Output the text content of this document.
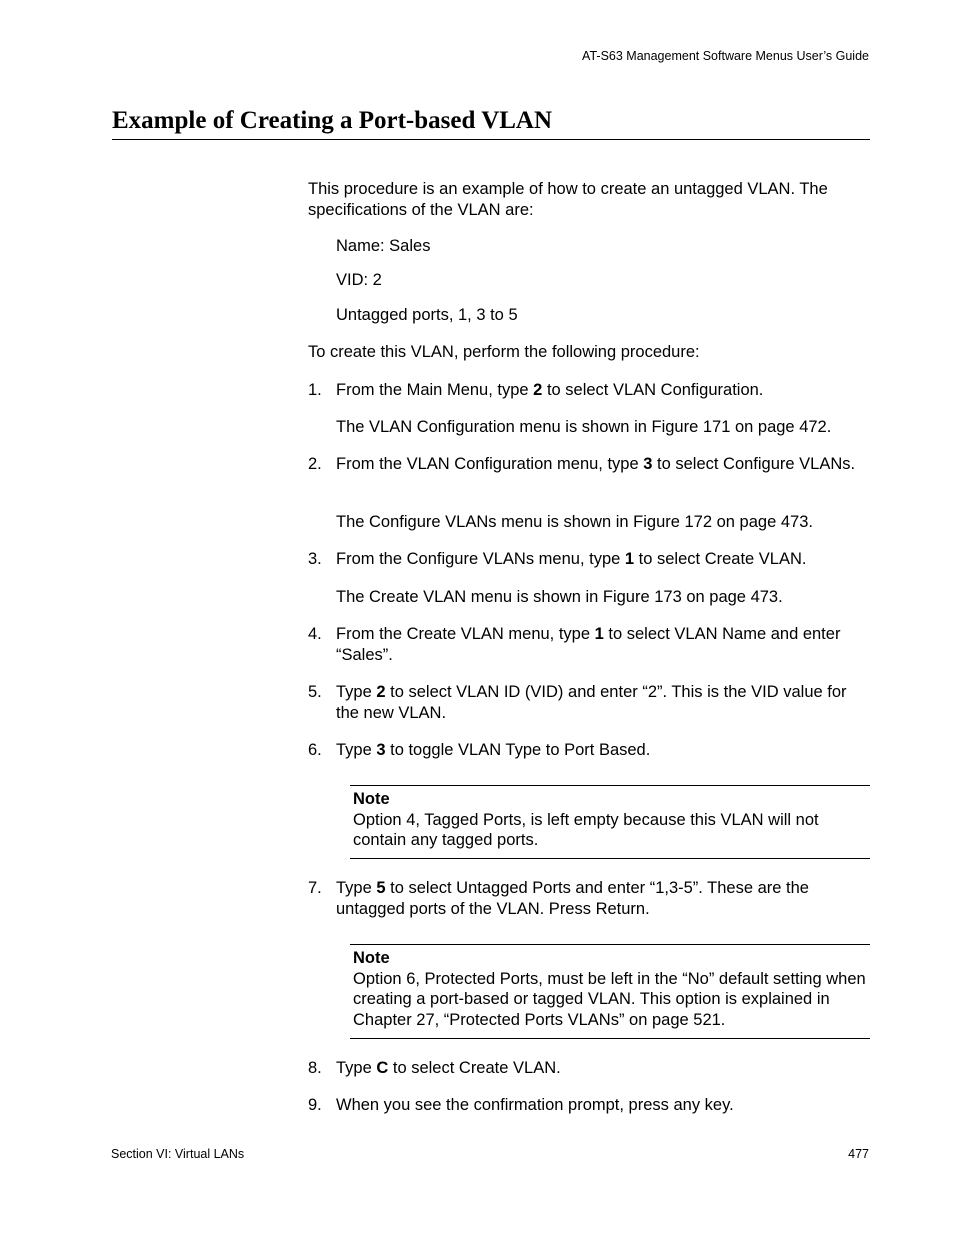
AT-S63 Management Software Menus User’s Guide
Example of Creating a Port-based VLAN
This procedure is an example of how to create an untagged VLAN. The specifications of the VLAN are:
Name: Sales
VID: 2
Untagged ports, 1, 3 to 5
To create this VLAN, perform the following procedure:
1. From the Main Menu, type 2 to select VLAN Configuration.
The VLAN Configuration menu is shown in Figure 171 on page 472.
2. From the VLAN Configuration menu, type 3 to select Configure VLANs.
The Configure VLANs menu is shown in Figure 172 on page 473.
3. From the Configure VLANs menu, type 1 to select Create VLAN.
The Create VLAN menu is shown in Figure 173 on page 473.
4. From the Create VLAN menu, type 1 to select VLAN Name and enter “Sales”.
5. Type 2 to select VLAN ID (VID) and enter “2”. This is the VID value for the new VLAN.
6. Type 3 to toggle VLAN Type to Port Based.
Note
Option 4, Tagged Ports, is left empty because this VLAN will not contain any tagged ports.
7. Type 5 to select Untagged Ports and enter “1,3-5”. These are the untagged ports of the VLAN. Press Return.
Note
Option 6, Protected Ports, must be left in the “No” default setting when creating a port-based or tagged VLAN. This option is explained in Chapter 27, “Protected Ports VLANs” on page 521.
8. Type C to select Create VLAN.
9. When you see the confirmation prompt, press any key.
Section VI: Virtual LANs	477
